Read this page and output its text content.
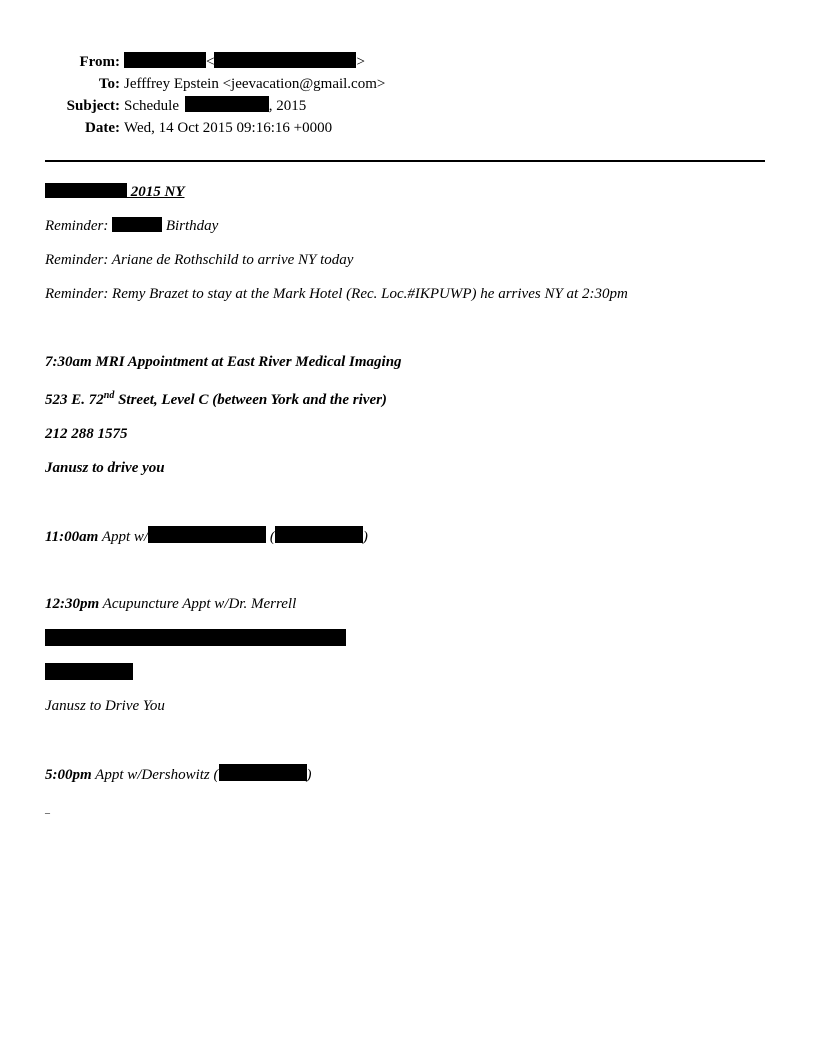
From:	<	>
To: Jefffrey Epstein <jeevacation@gmail.com>
Subject: Schedule	, 2015
Date: Wed, 14 Oct 2015 09:16:16 +0000
2015 NY
Reminder:	Birthday
Reminder: Ariane de Rothschild to arrive NY today
Reminder: Remy Brazet to stay at the Mark Hotel (Rec. Loc.#IKPUWP) he arrives NY at 2:30pm
7:30am MRI Appointment at East River Medical Imaging
523 E. 72nd Street, Level C (between York and the river)
212 288 1575
Janusz to drive you
11:00am Appt w/	(	)
12:30pm Acupuncture Appt w/Dr. Merrell
Janusz to Drive You
5:00pm Appt w/Dershowitz (	)
_
